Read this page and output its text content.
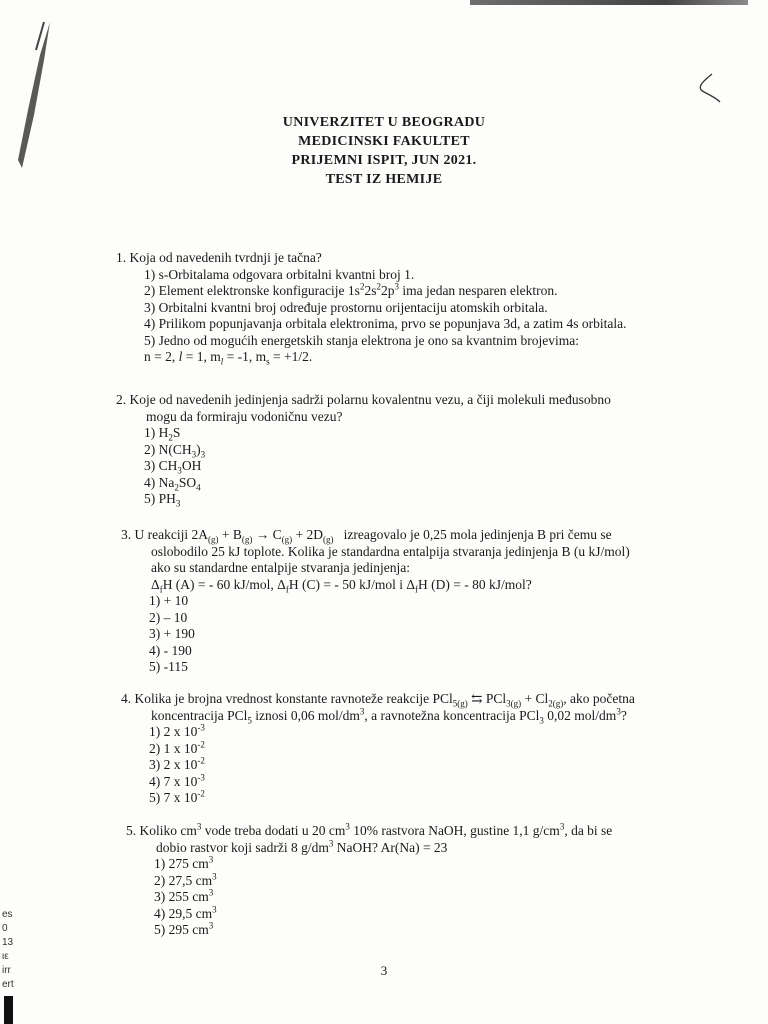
es
0
13
ιε
irr
ert
UNIVERZITET U BEOGRADU
MEDICINSKI FAKULTET
PRIJEMNI ISPIT, JUN 2021.
TEST IZ HEMIJE
1. Koja od navedenih tvrdnji je tačna?
1) s-Orbitalama odgovara orbitalni kvantni broj 1.
2) Element elektronske konfiguracije $1s^22s^22p^3$ ima jedan nesparen elektron.
3) Orbitalni kvantni broj određuje prostornu orijentaciju atomskih orbitala.
4) Prilikom popunjavanja orbitala elektronima, prvo se popunjava 3d, a zatim 4s orbitala.
5) Jedno od mogućih energetskih stanja elektrona je ono sa kvantnim brojevima:
n = 2, l = 1, $m_l = -1$, $m_s = +1/2$.
2. Koje od navedenih jedinjenja sadrži polarnu kovalentnu vezu, a čiji molekuli međusobno
mogu da formiraju vodoničnu vezu?
1) $H_2S$
2) $N(CH_3)_3$
3) $CH_3OH$
4) $Na_2SO_4$
5) $PH_3$
3. U reakciji $2A_{(g)} + B_{(g)} \to C_{(g)} + 2D_{(g)}$ izreagovalo je 0,25 mola jedinjenja B pri čemu se
oslobodilo 25 kJ toplote. Kolika je standardna entalpija stvaranja jedinjenja B (u kJ/mol)
ako su standardne entalpije stvaranja jedinjenja:
$\Delta_fH$ (A) = - 60 kJ/mol, $\Delta_fH$ (C) = - 50 kJ/mol i $\Delta_fH$ (D) = - 80 kJ/mol?
1) + 10
2) – 10
3) + 190
4) - 190
5) -115
4. Kolika je brojna vrednost konstante ravnoteže reakcije PCl$_{5(g)}$ ⇆ $PCl_{3(g)} + Cl_{2(g)}$, ako početna
koncentracija PCl$_5$ iznosi 0,06 mol/$dm^3$, a ravnotežna koncentracija PCl$_3$ 0,02 mol/$dm^3$?
1) 2 x $10^{-3}$
2) 1 x $10^{-2}$
3) 2 x $10^{-2}$
4) 7 x $10^{-3}$
5) 7 x $10^{-2}$
5. Koliko $cm^3$ vode treba dodati u 20 $cm^3$ 10% rastvora NaOH, gustine 1,1 $g/cm^3$, da bi se
dobio rastvor koji sadrži 8 $g/dm^3$ NaOH? Ar(Na) = 23
1) 275 $cm^3$
2) 27,5 $cm^3$
3) 255 $cm^3$
4) 29,5 $cm^3$
5) 295 $cm^3$
3
